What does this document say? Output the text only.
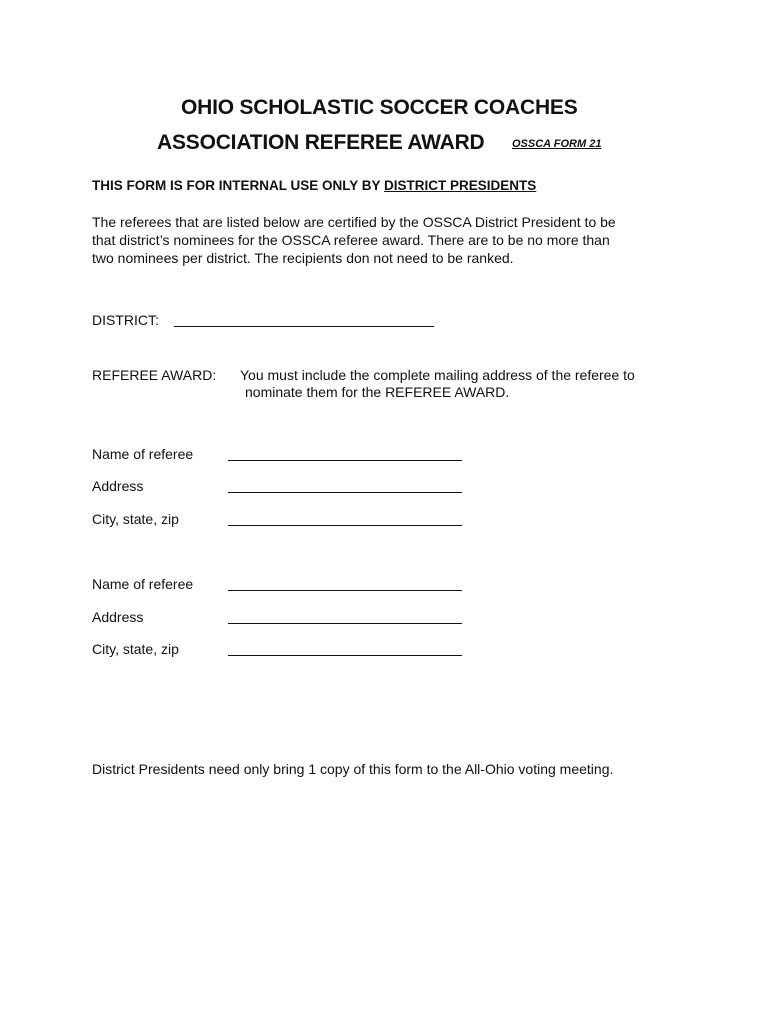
OHIO SCHOLASTIC SOCCER COACHES
ASSOCIATION REFEREE AWARD OSSCA FORM 21
THIS FORM IS FOR INTERNAL USE ONLY BY DISTRICT PRESIDENTS
The referees that are listed below are certified by the OSSCA District President to be
that district’s nominees for the OSSCA referee award. There are to be no more than
two nominees per district. The recipients don not need to be ranked.
DISTRICT:
REFEREE AWARD: You must include the complete mailing address of the referee to
nominate them for the REFEREE AWARD.
Name of referee
Address
City, state, zip
Name of referee
Address
City, state, zip
District Presidents need only bring 1 copy of this form to the All-Ohio voting meeting.
